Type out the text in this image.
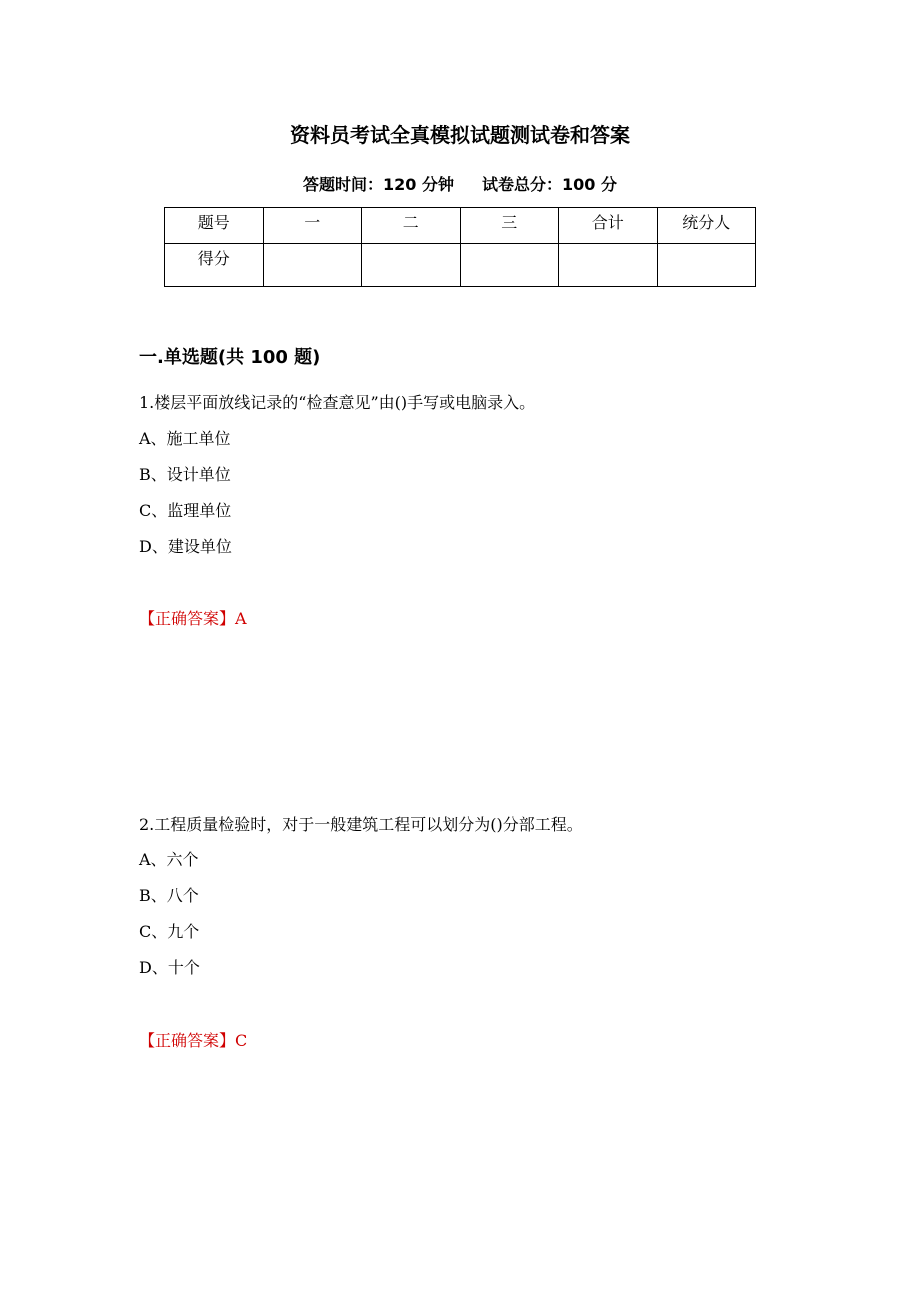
资料员考试全真模拟试题测试卷和答案
答题时间：120 分钟 试卷总分：100 分
题号	一	二	三	合计	统分人
得分					
一.单选题(共 100 题)
1.楼层平面放线记录的“检查意见”由()手写或电脑录入。
A、施工单位
B、设计单位
C、监理单位
D、建设单位
【正确答案】A
2.工程质量检验时，对于一般建筑工程可以划分为()分部工程。
A、六个
B、八个
C、九个
D、十个
【正确答案】C
